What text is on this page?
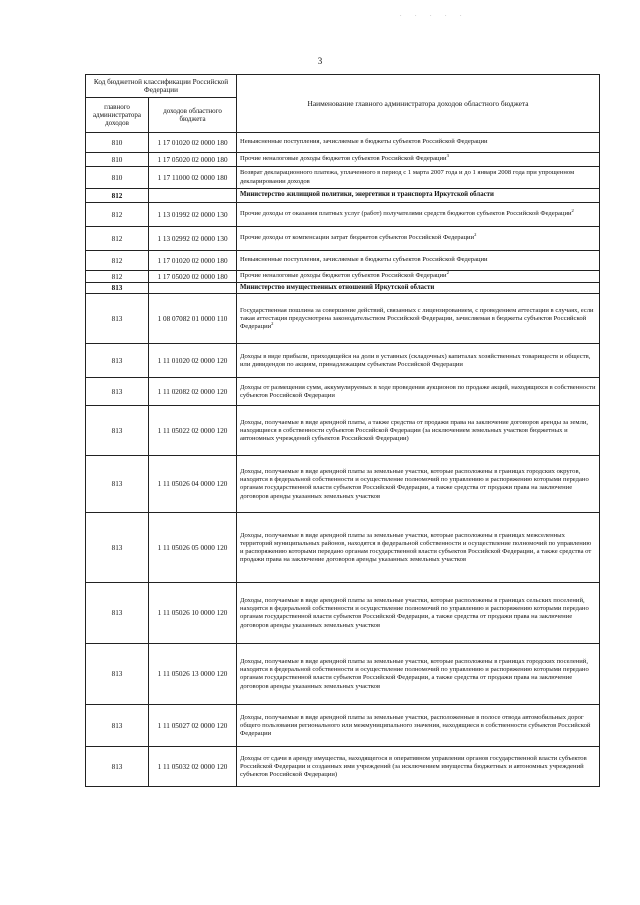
. . . . .
3
Код бюджетной классификации Российской Федерации		Наименование главного администратора доходов областного бюджета
главного администратора доходов	доходов областного бюджета	
810	1 17 01020 02 0000 180	Невыясненные поступления, зачисляемые в бюджеты субъектов Российской Федерации
810	1 17 05020 02 0000 180	Прочие неналоговые доходы бюджетов субъектов Российской Федерации$^3$
810	1 17 11000 02 0000 180	Возврат декларационного платежа, уплаченного в период с 1 марта 2007 года и до 1 января 2008 года при упрощенном декларировании доходов
812		Министерство жилищной политики, энергетики и транспорта Иркутской области
812	1 13 01992 02 0000 130	Прочие доходы от оказания платных услуг (работ) получателями средств бюджетов субъектов Российской Федерации$^2$
812	1 13 02992 02 0000 130	Прочие доходы от компенсации затрат бюджетов субъектов Российской Федерации$^2$
812	1 17 01020 02 0000 180	Невыясненные поступления, зачисляемые в бюджеты субъектов Российской Федерации
812	1 17 05020 02 0000 180	Прочие неналоговые доходы бюджетов субъектов Российской Федерации$^2$
813		Министерство имущественных отношений Иркутской области
813	1 08 07082 01 0000 110	Государственная пошлина за совершение действий, связанных с лицензированием, с проведением аттестации в случаях, если такая аттестация предусмотрена законодательством Российской Федерации, зачисляемая в бюджеты субъектов Российской Федерации$^2$
813	1 11 01020 02 0000 120	Доходы в виде прибыли, приходящейся на доли в уставных (складочных) капиталах хозяйственных товариществ и обществ, или дивидендов по акциям, принадлежащим субъектам Российской Федерации
813	1 11 02082 02 0000 120	Доходы от размещения сумм, аккумулируемых в ходе проведения аукционов по продаже акций, находящихся в собственности субъектов Российской Федерации
813	1 11 05022 02 0000 120	Доходы, получаемые в виде арендной платы, а также средства от продажи права на заключение договоров аренды за земли, находящиеся в собственности субъектов Российской Федерации (за исключением земельных участков бюджетных и автономных учреждений субъектов Российской Федерации)
813	1 11 05026 04 0000 120	Доходы, получаемые в виде арендной платы за земельные участки, которые расположены в границах городских округов, находятся в федеральной собственности и осуществление полномочий по управлению и распоряжению которыми передано органам государственной власти субъектов Российской Федерации, а также средства от продажи права на заключение договоров аренды указанных земельных участков
813	1 11 05026 05 0000 120	Доходы, получаемые в виде арендной платы за земельные участки, которые расположены в границах межселенных территорий муниципальных районов, находятся в федеральной собственности и осуществление полномочий по управлению и распоряжению которыми передано органам государственной власти субъектов Российской Федерации, а также средства от продажи права на заключение договоров аренды указанных земельных участков
813	1 11 05026 10 0000 120	Доходы, получаемые в виде арендной платы за земельные участки, которые расположены в границах сельских поселений, находятся в федеральной собственности и осуществление полномочий по управлению и распоряжению которыми передано органам государственной власти субъектов Российской Федерации, а также средства от продажи права на заключение договоров аренды указанных земельных участков
813	1 11 05026 13 0000 120	Доходы, получаемые в виде арендной платы за земельные участки, которые расположены в границах городских поселений, находятся в федеральной собственности и осуществление полномочий по управлению и распоряжению которыми передано органам государственной власти субъектов Российской Федерации, а также средства от продажи права на заключение договоров аренды указанных земельных участков
813	1 11 05027 02 0000 120	Доходы, получаемые в виде арендной платы за земельные участки, расположенные в полосе отвода автомобильных дорог общего пользования регионального или межмуниципального значения, находящиеся в собственности субъектов Российской Федерации
813	1 11 05032 02 0000 120	Доходы от сдачи в аренду имущества, находящегося в оперативном управлении органов государственной власти субъектов Российской Федерации и созданных ими учреждений (за исключением имущества бюджетных и автономных учреждений субъектов Российской Федерации)
